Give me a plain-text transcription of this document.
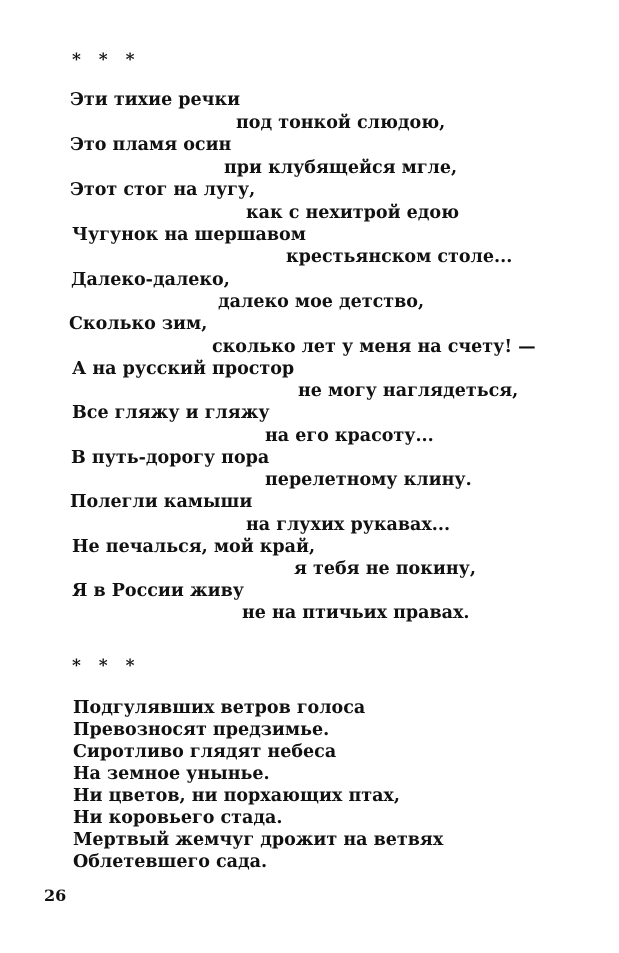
* * *
Эти тихие речки
под тонкой слюдою,
Это пламя осин
при клубящейся мгле,
Этот стог на лугу,
как с нехитрой едою
Чугунок на шершавом
крестьянском столе...
Далеко-далеко,
далеко мое детство,
Сколько зим,
сколько лет у меня на счету! —
А на русский простор
не могу наглядеться,
Все гляжу и гляжу
на его красоту...
В путь-дорогу пора
перелетному клину.
Полегли камыши
на глухих рукавах...
Не печалься, мой край,
я тебя не покину,
Я в России живу
не на птичьих правах.
* * *
Подгулявших ветров голоса
Превозносят предзимье.
Сиротливо глядят небеса
На земное унынье.
Ни цветов, ни порхающих птах,
Ни коровьего стада.
Мертвый жемчуг дрожит на ветвях
Облетевшего сада.
26
